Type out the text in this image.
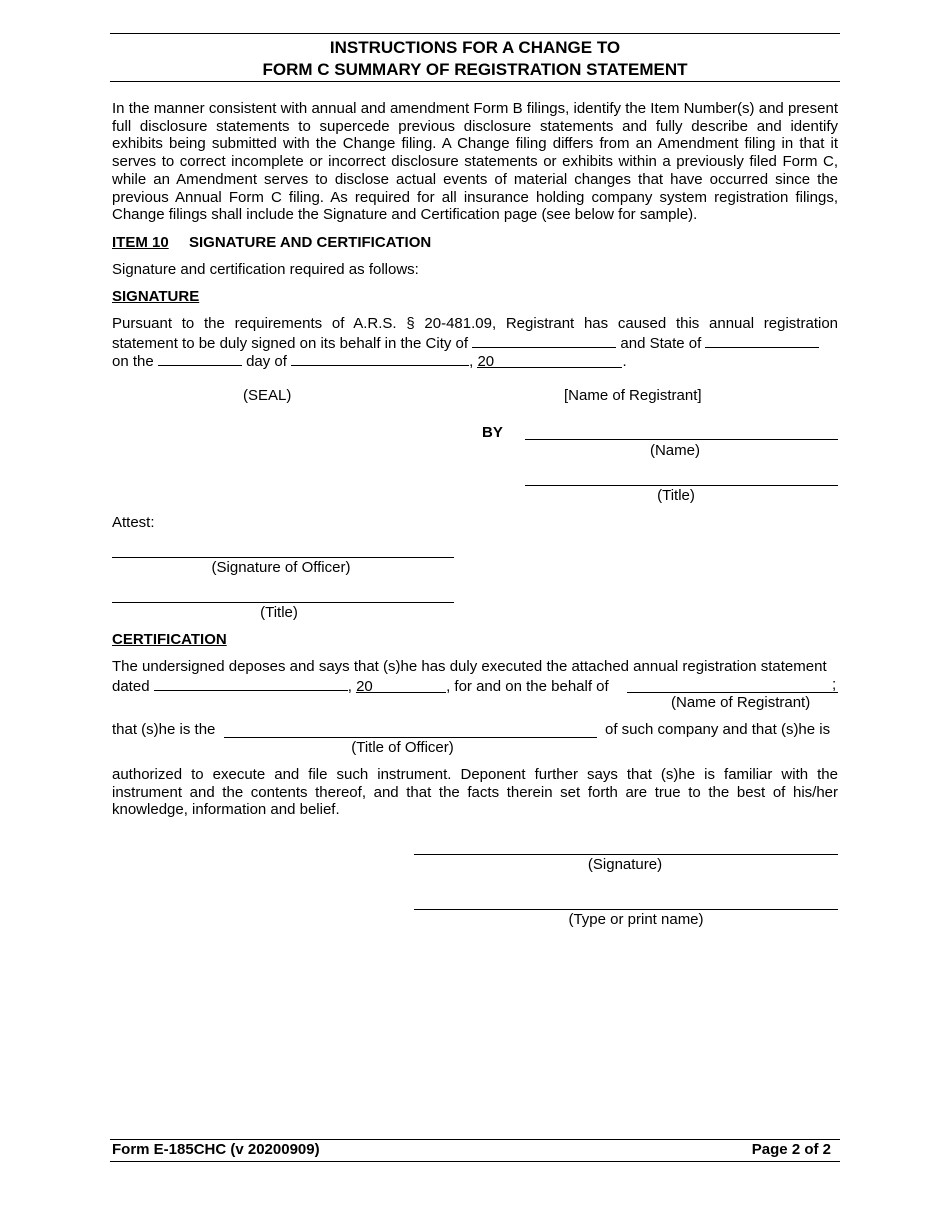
INSTRUCTIONS FOR A CHANGE TO
FORM C SUMMARY OF REGISTRATION STATEMENT

In the manner consistent with annual and amendment Form B filings, identify the Item Number(s) and present full disclosure statements to supercede previous disclosure statements and fully describe and identify exhibits being submitted with the Change filing. A Change filing differs from an Amendment filing in that it serves to correct incomplete or incorrect disclosure statements or exhibits within a previously filed Form C, while an Amendment serves to disclose actual events of material changes that have occurred since the previous Annual Form C filing. As required for all insurance holding company system registration filings, Change filings shall include the Signature and Certification page (see below for sample).

ITEM 10 SIGNATURE AND CERTIFICATION
Signature and certification required as follows:
SIGNATURE
Pursuant to the requirements of A.R.S. § 20-481.09, Registrant has caused this annual registration
statement to be duly signed on its behalf in the City of	and State of
on the	day of	, 20	.
(SEAL)	[Name of Registrant]
BY
(Name)
(Title)
Attest:
(Signature of Officer)
(Title)
CERTIFICATION
The undersigned deposes and says that (s)he has duly executed the attached annual registration statement
dated	, 20	, for and on the behalf of	;
(Name of Registrant)
that (s)he is the	of such company and that (s)he is
(Title of Officer)

authorized to execute and file such instrument. Deponent further says that (s)he is familiar with the instrument and the contents thereof, and that the facts therein set forth are true to the best of his/her knowledge, information and belief.

(Signature)
(Type or print name)
Form E-185CHC (v 20200909)	Page 2 of 2
